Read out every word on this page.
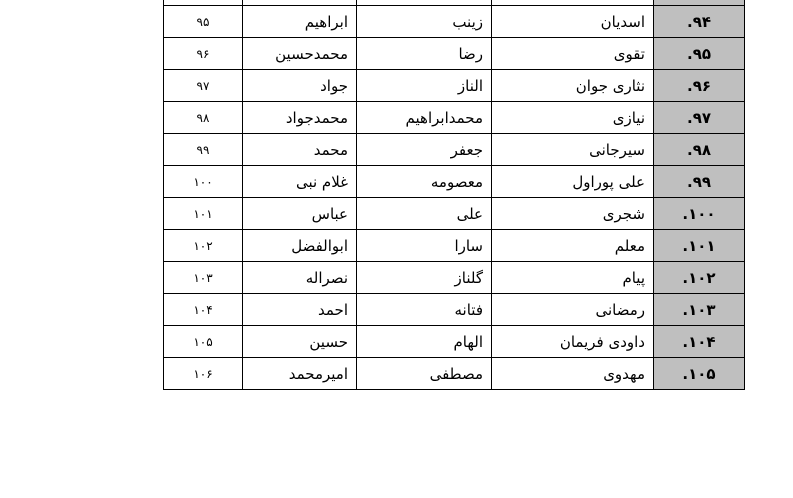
۹۴.	اسدیان	زینب	ابراهیم	۹۵
۹۵.	تقوی	رضا	محمدحسین	۹۶
۹۶.	نثاری جوان	الناز	جواد	۹۷
۹۷.	نیازی	محمدابراهیم	محمدجواد	۹۸
۹۸.	سیرجانی	جعفر	محمد	۹۹
۹۹.	علی پوراول	معصومه	غلام نبی	۱۰۰
۱۰۰.	شجری	علی	عباس	۱۰۱
۱۰۱.	معلم	سارا	ابوالفضل	۱۰۲
۱۰۲.	پیام	گلناز	نصراله	۱۰۳
۱۰۳.	رمضانی	فتانه	احمد	۱۰۴
۱۰۴.	داودی فریمان	الهام	حسین	۱۰۵
۱۰۵.	مهدوی	مصطفی	امیرمحمد	۱۰۶
